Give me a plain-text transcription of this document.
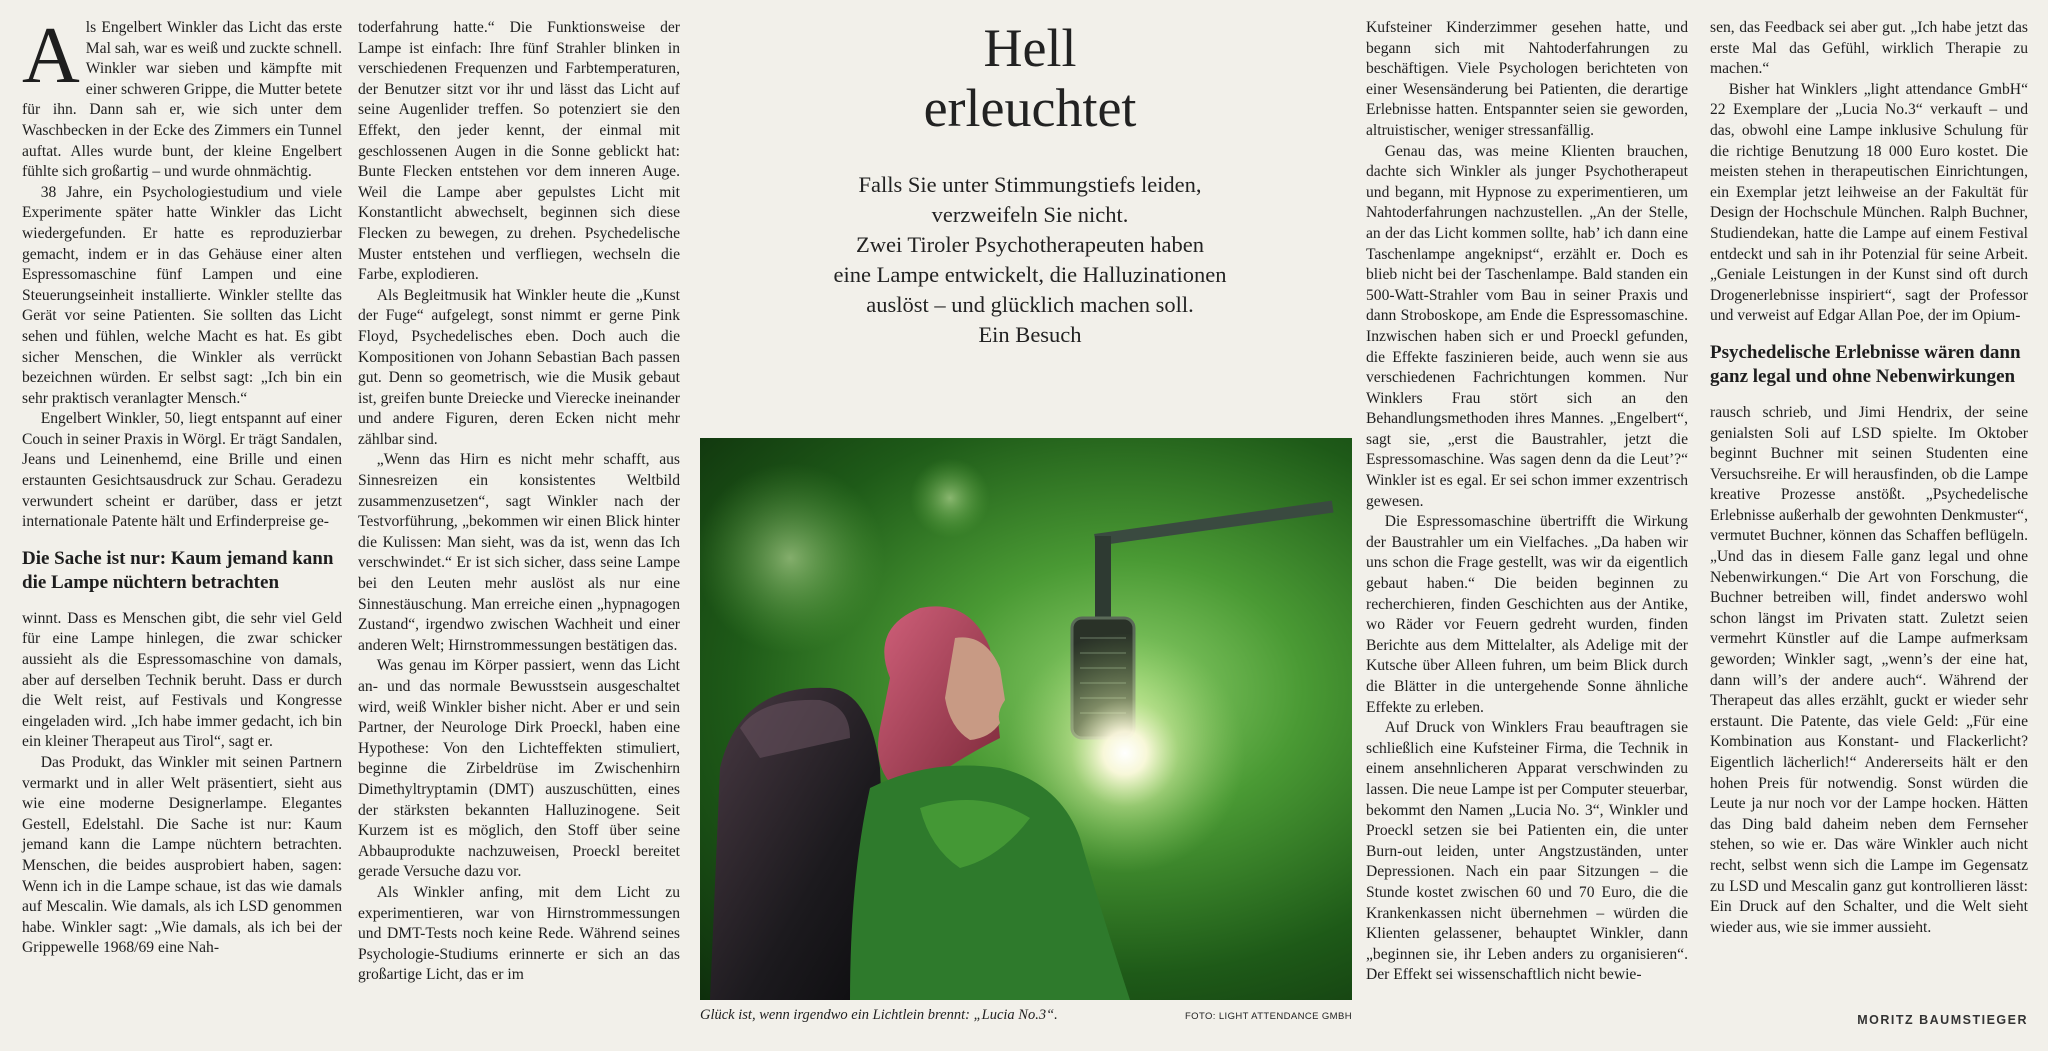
Als Engelbert Winkler das Licht das erste Mal sah, war es weiß und zuckte schnell. Winkler war sieben und kämpfte mit einer schweren Grippe, die Mutter betete für ihn. Dann sah er, wie sich unter dem Waschbecken in der Ecke des Zimmers ein Tunnel auftat. Alles wurde bunt, der kleine Engelbert fühlte sich großartig – und wurde ohnmächtig.

38 Jahre, ein Psychologiestudium und viele Experimente später hatte Winkler das Licht wiedergefunden. Er hatte es reproduzierbar gemacht, indem er in das Gehäuse einer alten Espressomaschine fünf Lampen und eine Steuerungseinheit installierte. Winkler stellte das Gerät vor seine Patienten. Sie sollten das Licht sehen und fühlen, welche Macht es hat. Es gibt sicher Menschen, die Winkler als verrückt bezeichnen würden. Er selbst sagt: „Ich bin ein sehr praktisch veranlagter Mensch.“

Engelbert Winkler, 50, liegt entspannt auf einer Couch in seiner Praxis in Wörgl. Er trägt Sandalen, Jeans und Leinenhemd, eine Brille und einen erstaunten Gesichtsausdruck zur Schau. Geradezu verwundert scheint er darüber, dass er jetzt internationale Patente hält und Erfinderpreise ge-

Die Sache ist nur: Kaum jemand kann die Lampe nüchtern betrachten

winnt. Dass es Menschen gibt, die sehr viel Geld für eine Lampe hinlegen, die zwar schicker aussieht als die Espressomaschine von damals, aber auf derselben Technik beruht. Dass er durch die Welt reist, auf Festivals und Kongresse eingeladen wird. „Ich habe immer gedacht, ich bin ein kleiner Therapeut aus Tirol“, sagt er.

Das Produkt, das Winkler mit seinen Partnern vermarkt und in aller Welt präsentiert, sieht aus wie eine moderne Designerlampe. Elegantes Gestell, Edelstahl. Die Sache ist nur: Kaum jemand kann die Lampe nüchtern betrachten. Menschen, die beides ausprobiert haben, sagen: Wenn ich in die Lampe schaue, ist das wie damals auf Mescalin. Wie damals, als ich LSD genommen habe. Winkler sagt: „Wie damals, als ich bei der Grippewelle 1968/69 eine Nah-

toderfahrung hatte.“ Die Funktionsweise der Lampe ist einfach: Ihre fünf Strahler blinken in verschiedenen Frequenzen und Farbtemperaturen, der Benutzer sitzt vor ihr und lässt das Licht auf seine Augenlider treffen. So potenziert sie den Effekt, den jeder kennt, der einmal mit geschlossenen Augen in die Sonne geblickt hat: Bunte Flecken entstehen vor dem inneren Auge. Weil die Lampe aber gepulstes Licht mit Konstantlicht abwechselt, beginnen sich diese Flecken zu bewegen, zu drehen. Psychedelische Muster entstehen und verfliegen, wechseln die Farbe, explodieren.

Als Begleitmusik hat Winkler heute die „Kunst der Fuge“ aufgelegt, sonst nimmt er gerne Pink Floyd, Psychedelisches eben. Doch auch die Kompositionen von Johann Sebastian Bach passen gut. Denn so geometrisch, wie die Musik gebaut ist, greifen bunte Dreiecke und Vierecke ineinander und andere Figuren, deren Ecken nicht mehr zählbar sind.

„Wenn das Hirn es nicht mehr schafft, aus Sinnesreizen ein konsistentes Weltbild zusammenzusetzen“, sagt Winkler nach der Testvorführung, „bekommen wir einen Blick hinter die Kulissen: Man sieht, was da ist, wenn das Ich verschwindet.“ Er ist sich sicher, dass seine Lampe bei den Leuten mehr auslöst als nur eine Sinnestäuschung. Man erreiche einen „hypnagogen Zustand“, irgendwo zwischen Wachheit und einer anderen Welt; Hirnstrommessungen bestätigen das.

Was genau im Körper passiert, wenn das Licht an- und das normale Bewusstsein ausgeschaltet wird, weiß Winkler bisher nicht. Aber er und sein Partner, der Neurologe Dirk Proeckl, haben eine Hypothese: Von den Lichteffekten stimuliert, beginne die Zirbeldrüse im Zwischenhirn Dimethyltryptamin (DMT) auszuschütten, eines der stärksten bekannten Halluzinogene. Seit Kurzem ist es möglich, den Stoff über seine Abbauprodukte nachzuweisen, Proeckl bereitet gerade Versuche dazu vor.

Als Winkler anfing, mit dem Licht zu experimentieren, war von Hirnstrommessungen und DMT-Tests noch keine Rede. Während seines Psychologie-Studiums erinnerte er sich an das großartige Licht, das er im

Hell
erleuchtet
Falls Sie unter Stimmungstiefs leiden,
verzweifeln Sie nicht.
Zwei Tiroler Psychotherapeuten haben
eine Lampe entwickelt, die Halluzinationen
auslöst – und glücklich machen soll.
Ein Besuch
Glück ist, wenn irgendwo ein Lichtlein brennt: „Lucia No.3“.	FOTO: LIGHT ATTENDANCE GMBH

Kufsteiner Kinderzimmer gesehen hatte, und begann sich mit Nahtoderfahrungen zu beschäftigen. Viele Psychologen berichteten von einer Wesensänderung bei Patienten, die derartige Erlebnisse hatten. Entspannter seien sie geworden, altruistischer, weniger stressanfällig.

Genau das, was meine Klienten brauchen, dachte sich Winkler als junger Psychotherapeut und begann, mit Hypnose zu experimentieren, um Nahtoderfahrungen nachzustellen. „An der Stelle, an der das Licht kommen sollte, hab’ ich dann eine Taschenlampe angeknipst“, erzählt er. Doch es blieb nicht bei der Taschenlampe. Bald standen ein 500-Watt-Strahler vom Bau in seiner Praxis und dann Stroboskope, am Ende die Espressomaschine. Inzwischen haben sich er und Proeckl gefunden, die Effekte faszinieren beide, auch wenn sie aus verschiedenen Fachrichtungen kommen. Nur Winklers Frau stört sich an den Behandlungsmethoden ihres Mannes. „Engelbert“, sagt sie, „erst die Baustrahler, jetzt die Espressomaschine. Was sagen denn da die Leut’?“ Winkler ist es egal. Er sei schon immer exzentrisch gewesen.

Die Espressomaschine übertrifft die Wirkung der Baustrahler um ein Vielfaches. „Da haben wir uns schon die Frage gestellt, was wir da eigentlich gebaut haben.“ Die beiden beginnen zu recherchieren, finden Geschichten aus der Antike, wo Räder vor Feuern gedreht wurden, finden Berichte aus dem Mittelalter, als Adelige mit der Kutsche über Alleen fuhren, um beim Blick durch die Blätter in die untergehende Sonne ähnliche Effekte zu erleben.

Auf Druck von Winklers Frau beauftragen sie schließlich eine Kufsteiner Firma, die Technik in einem ansehnlicheren Apparat verschwinden zu lassen. Die neue Lampe ist per Computer steuerbar, bekommt den Namen „Lucia No. 3“, Winkler und Proeckl setzen sie bei Patienten ein, die unter Burn-out leiden, unter Angstzuständen, unter Depressionen. Nach ein paar Sitzungen – die Stunde kostet zwischen 60 und 70 Euro, die die Krankenkassen nicht übernehmen – würden die Klienten gelassener, behauptet Winkler, dann „beginnen sie, ihr Leben anders zu organisieren“. Der Effekt sei wissenschaftlich nicht bewie-

sen, das Feedback sei aber gut. „Ich habe jetzt das erste Mal das Gefühl, wirklich Therapie zu machen.“

Bisher hat Winklers „light attendance GmbH“ 22 Exemplare der „Lucia No.3“ verkauft – und das, obwohl eine Lampe inklusive Schulung für die richtige Benutzung 18 000 Euro kostet. Die meisten stehen in therapeutischen Einrichtungen, ein Exemplar jetzt leihweise an der Fakultät für Design der Hochschule München. Ralph Buchner, Studiendekan, hatte die Lampe auf einem Festival entdeckt und sah in ihr Potenzial für seine Arbeit. „Geniale Leistungen in der Kunst sind oft durch Drogenerlebnisse inspiriert“, sagt der Professor und verweist auf Edgar Allan Poe, der im Opium-

Psychedelische Erlebnisse wären dann ganz legal und ohne Nebenwirkungen

rausch schrieb, und Jimi Hendrix, der seine genialsten Soli auf LSD spielte. Im Oktober beginnt Buchner mit seinen Studenten eine Versuchsreihe. Er will herausfinden, ob die Lampe kreative Prozesse anstößt. „Psychedelische Erlebnisse außerhalb der gewohnten Denkmuster“, vermutet Buchner, können das Schaffen beflügeln. „Und das in diesem Falle ganz legal und ohne Nebenwirkungen.“ Die Art von Forschung, die Buchner betreiben will, findet anderswo wohl schon längst im Privaten statt. Zuletzt seien vermehrt Künstler auf die Lampe aufmerksam geworden; Winkler sagt, „wenn’s der eine hat, dann will’s der andere auch“. Während der Therapeut das alles erzählt, guckt er wieder sehr erstaunt. Die Patente, das viele Geld: „Für eine Kombination aus Konstant- und Flackerlicht? Eigentlich lächerlich!“ Andererseits hält er den hohen Preis für notwendig. Sonst würden die Leute ja nur noch vor der Lampe hocken. Hätten das Ding bald daheim neben dem Fernseher stehen, so wie er. Das wäre Winkler auch nicht recht, selbst wenn sich die Lampe im Gegensatz zu LSD und Mescalin ganz gut kontrollieren lässt: Ein Druck auf den Schalter, und die Welt sieht wieder aus, wie sie immer aussieht.

MORITZ BAUMSTIEGER
